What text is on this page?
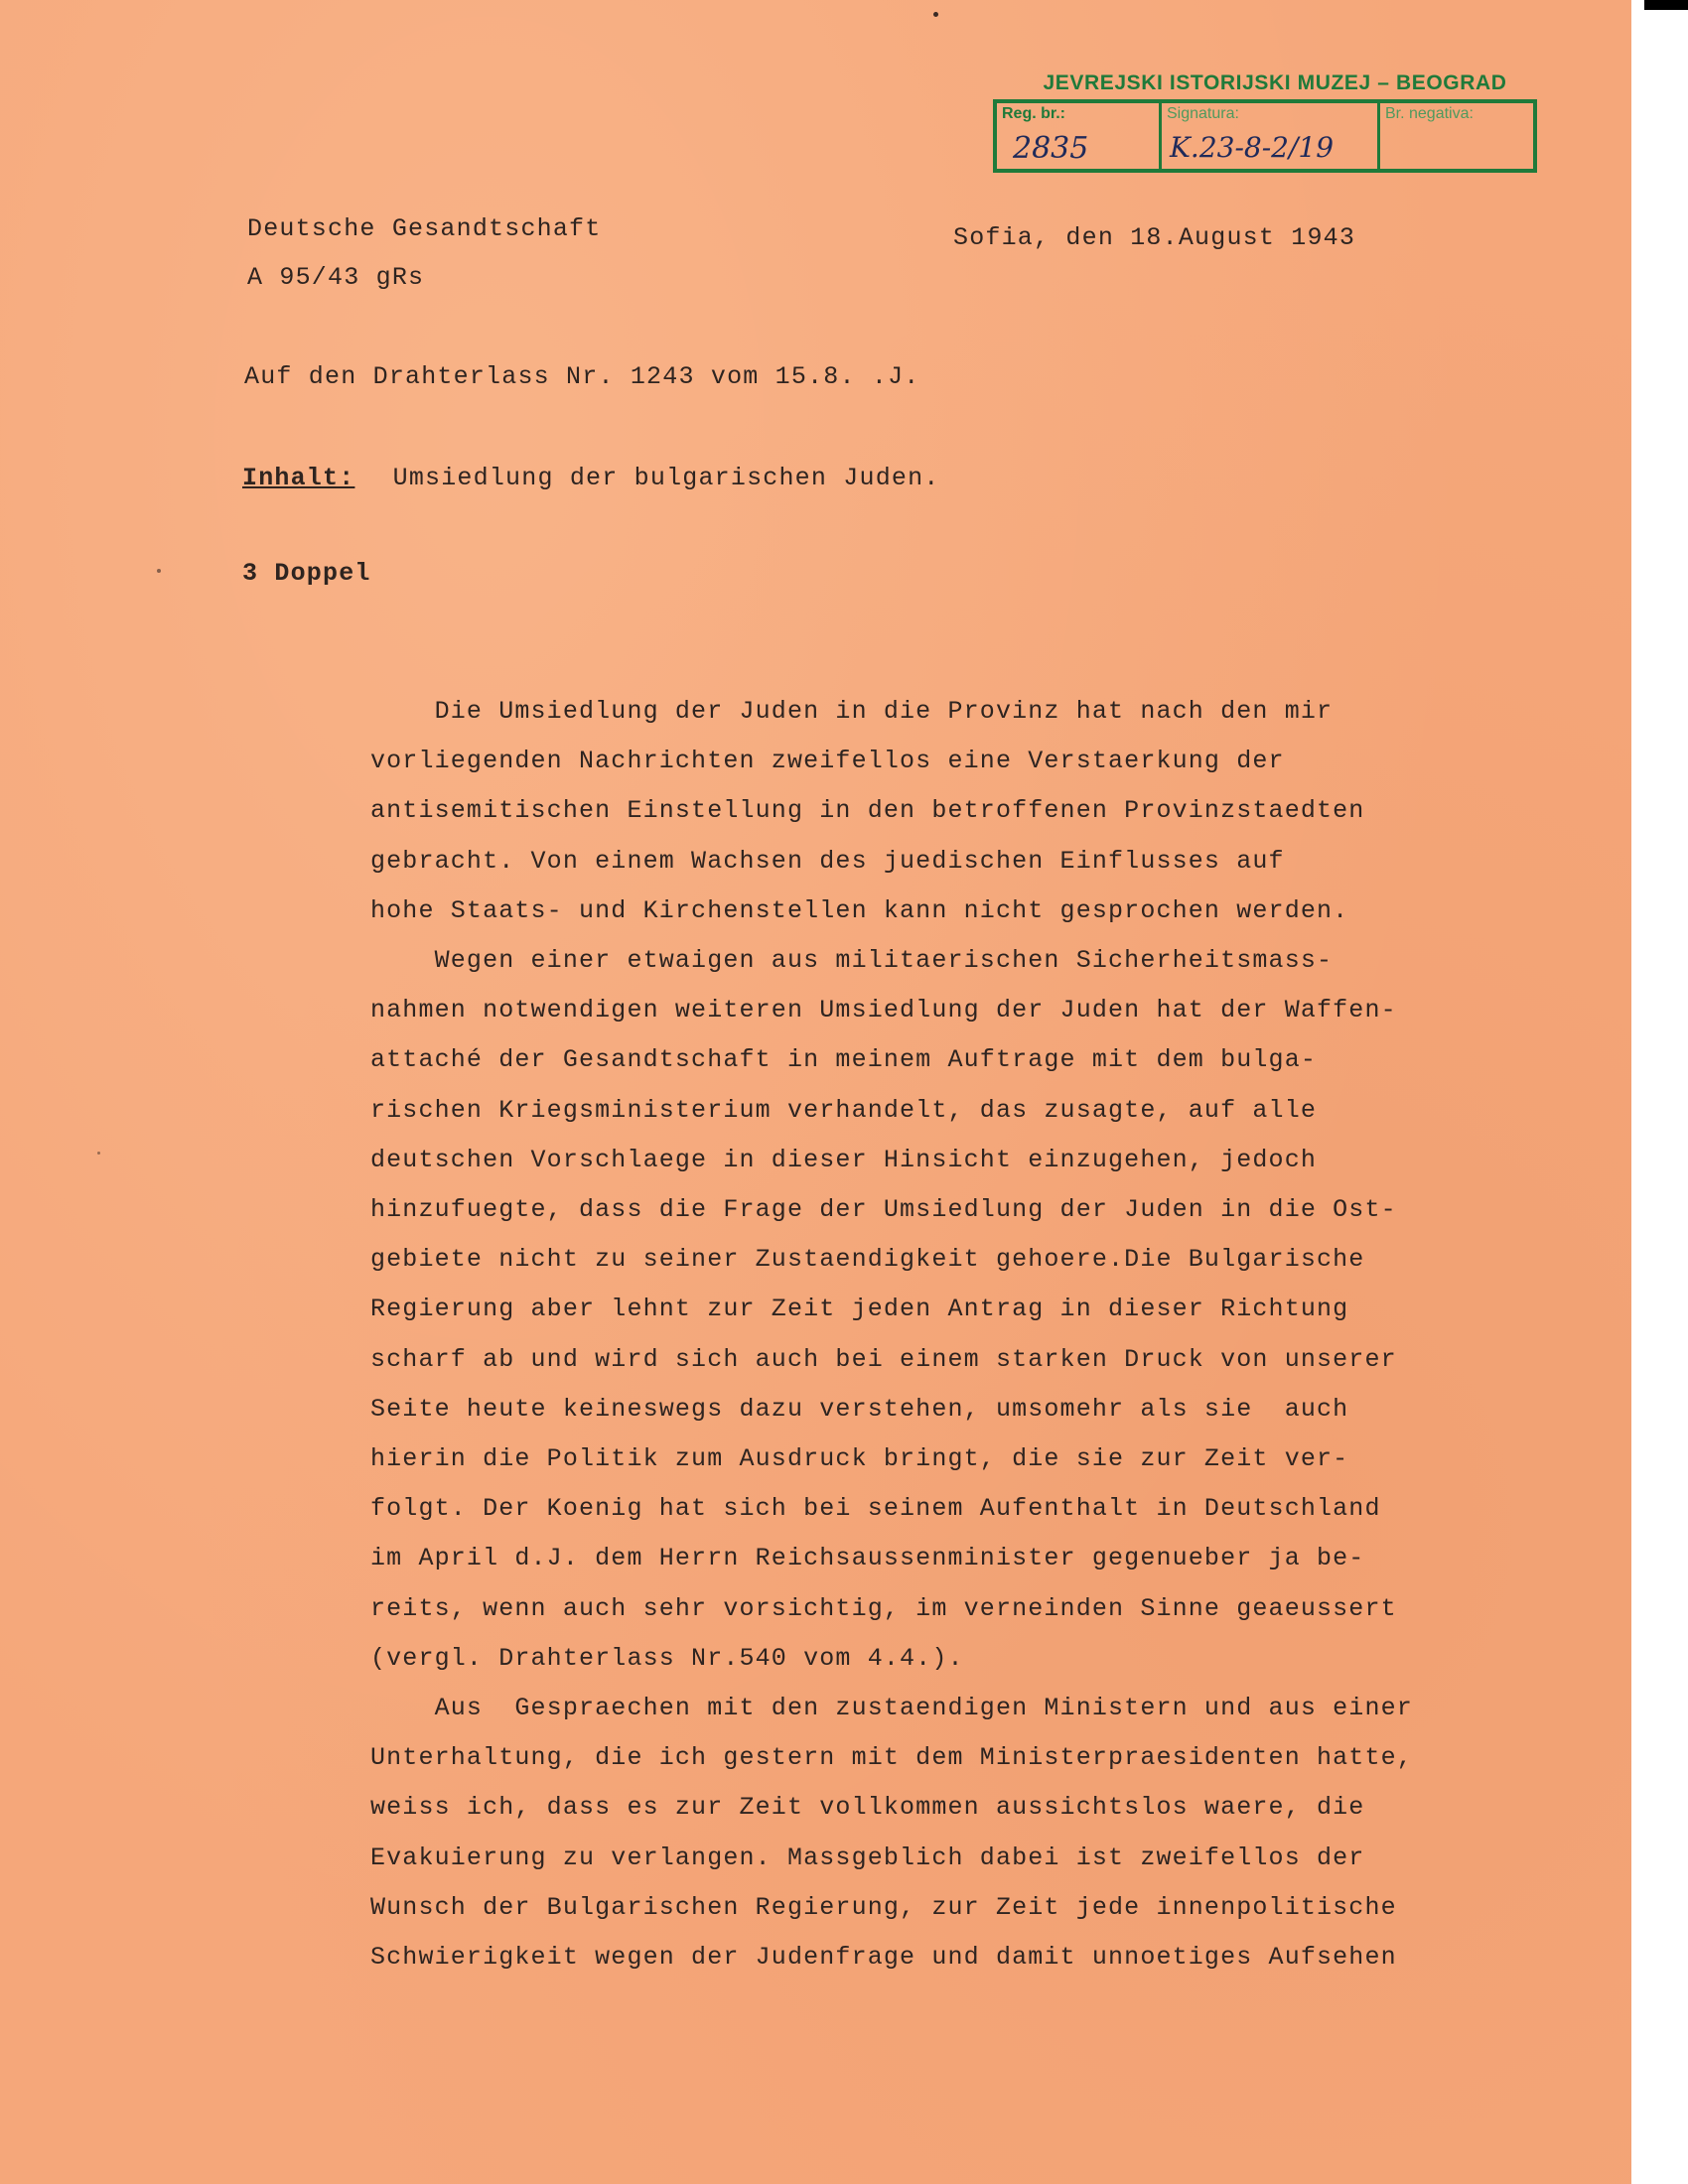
JEVREJSKI ISTORIJSKI MUZEJ – BEOGRAD
Reg. br.:
2835
Signatura:
K.23-8-2/19
Br. negativa:
Deutsche Gesandtschaft
A 95/43 gRs
Sofia, den 18.August 1943
Auf den Drahterlass Nr. 1243 vom 15.8. .J.
Inhalt: Umsiedlung der bulgarischen Juden.
3 Doppel
Die Umsiedlung der Juden in die Provinz hat nach den mir
vorliegenden Nachrichten zweifellos eine Verstaerkung der
antisemitischen Einstellung in den betroffenen Provinzstaedten
gebracht. Von einem Wachsen des juedischen Einflusses auf
hohe Staats- und Kirchenstellen kann nicht gesprochen werden.
Wegen einer etwaigen aus militaerischen Sicherheitsmass-
nahmen notwendigen weiteren Umsiedlung der Juden hat der Waffen-
attaché der Gesandtschaft in meinem Auftrage mit dem bulga-
rischen Kriegsministerium verhandelt, das zusagte, auf alle
deutschen Vorschlaege in dieser Hinsicht einzugehen, jedoch
hinzufuegte, dass die Frage der Umsiedlung der Juden in die Ost-
gebiete nicht zu seiner Zustaendigkeit gehoere.Die Bulgarische
Regierung aber lehnt zur Zeit jeden Antrag in dieser Richtung
scharf ab und wird sich auch bei einem starken Druck von unserer
Seite heute keineswegs dazu verstehen, umsomehr als sie  auch
hierin die Politik zum Ausdruck bringt, die sie zur Zeit ver-
folgt. Der Koenig hat sich bei seinem Aufenthalt in Deutschland
im April d.J. dem Herrn Reichsaussenminister gegenueber ja be-
reits, wenn auch sehr vorsichtig, im verneinden Sinne geaeussert
(vergl. Drahterlass Nr.540 vom 4.4.).
Aus  Gespraechen mit den zustaendigen Ministern und aus einer
Unterhaltung, die ich gestern mit dem Ministerpraesidenten hatte,
weiss ich, dass es zur Zeit vollkommen aussichtslos waere, die
Evakuierung zu verlangen. Massgeblich dabei ist zweifellos der
Wunsch der Bulgarischen Regierung, zur Zeit jede innenpolitische
Schwierigkeit wegen der Judenfrage und damit unnoetiges Aufsehen
